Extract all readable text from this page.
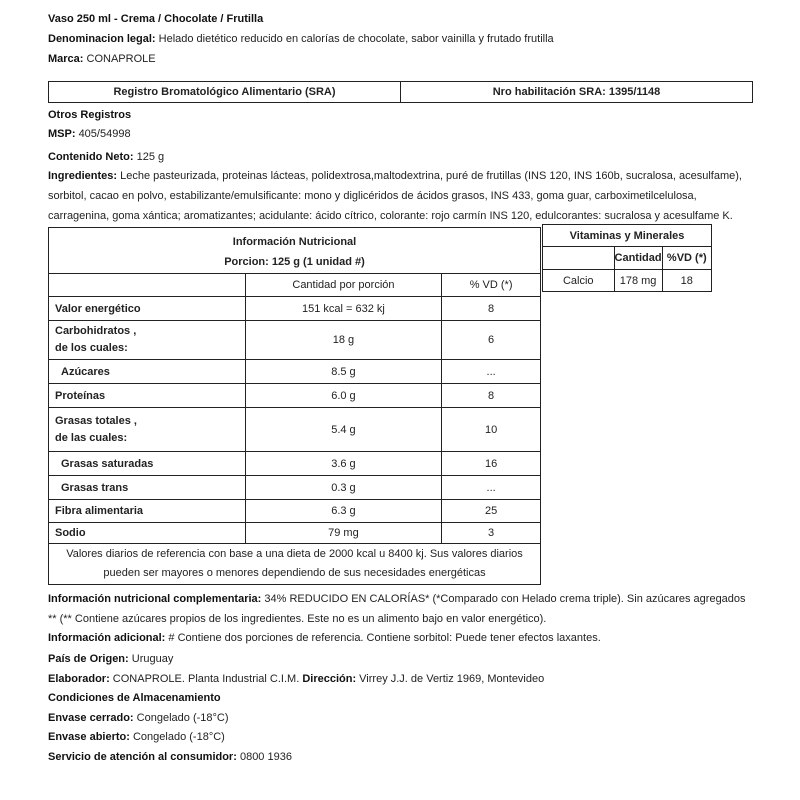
Vaso 250 ml - Crema / Chocolate / Frutilla
Denominacion legal: Helado dietético reducido en calorías de chocolate, sabor vainilla y frutado frutilla
Marca: CONAPROLE
Registro Bromatológico Alimentario (SRA)	Nro habilitación SRA: 1395/1148
Otros Registros
MSP: 405/54998
Contenido Neto: 125 g
Ingredientes: Leche pasteurizada, proteinas lácteas, polidextrosa,maltodextrina, puré de frutillas (INS 120, INS 160b, sucralosa, acesulfame), sorbitol, cacao en polvo, estabilizante/emulsificante: mono y diglicéridos de ácidos grasos, INS 433, goma guar, carboximetilcelulosa, carragenina, goma xántica; aromatizantes; acidulante: ácido cítrico, colorante: rojo carmín INS 120, edulcorantes: sucralosa y acesulfame K.
Información Nutricional
Porcion: 125 g (1 unidad #)		

	Cantidad por porción	% VD (*)
Valor energético	151 kcal = 632 kj	8
Carbohidratos ,
de los cuales:	18 g	6
Azúcares	8.5 g	...
Proteínas	6.0 g	8
Grasas totales ,
de las cuales:	5.4 g	10
Grasas saturadas	3.6 g	16
Grasas trans	0.3 g	...
Fibra alimentaria	6.3 g	25
Sodio	79 mg	3
Valores diarios de referencia con base a una dieta de 2000 kcal u 8400 kj. Sus valores diarios pueden ser mayores o menores dependiendo de sus necesidades energéticas		
Vitaminas y Minerales		
	Cantidad	%VD (*)
Calcio	178 mg	18
Información nutricional complementaria: 34% REDUCIDO EN CALORÍAS* (*Comparado con Helado crema triple). Sin azúcares agregados ** (** Contiene azúcares propios de los ingredientes. Este no es un alimento bajo en valor energético).
Información adicional: # Contiene dos porciones de referencia. Contiene sorbitol: Puede tener efectos laxantes.
País de Origen: Uruguay
Elaborador: CONAPROLE. Planta Industrial C.I.M. Dirección: Virrey J.J. de Vertiz 1969, Montevideo
Condiciones de Almacenamiento
Envase cerrado: Congelado (-18°C)
Envase abierto: Congelado (-18°C)
Servicio de atención al consumidor: 0800 1936
